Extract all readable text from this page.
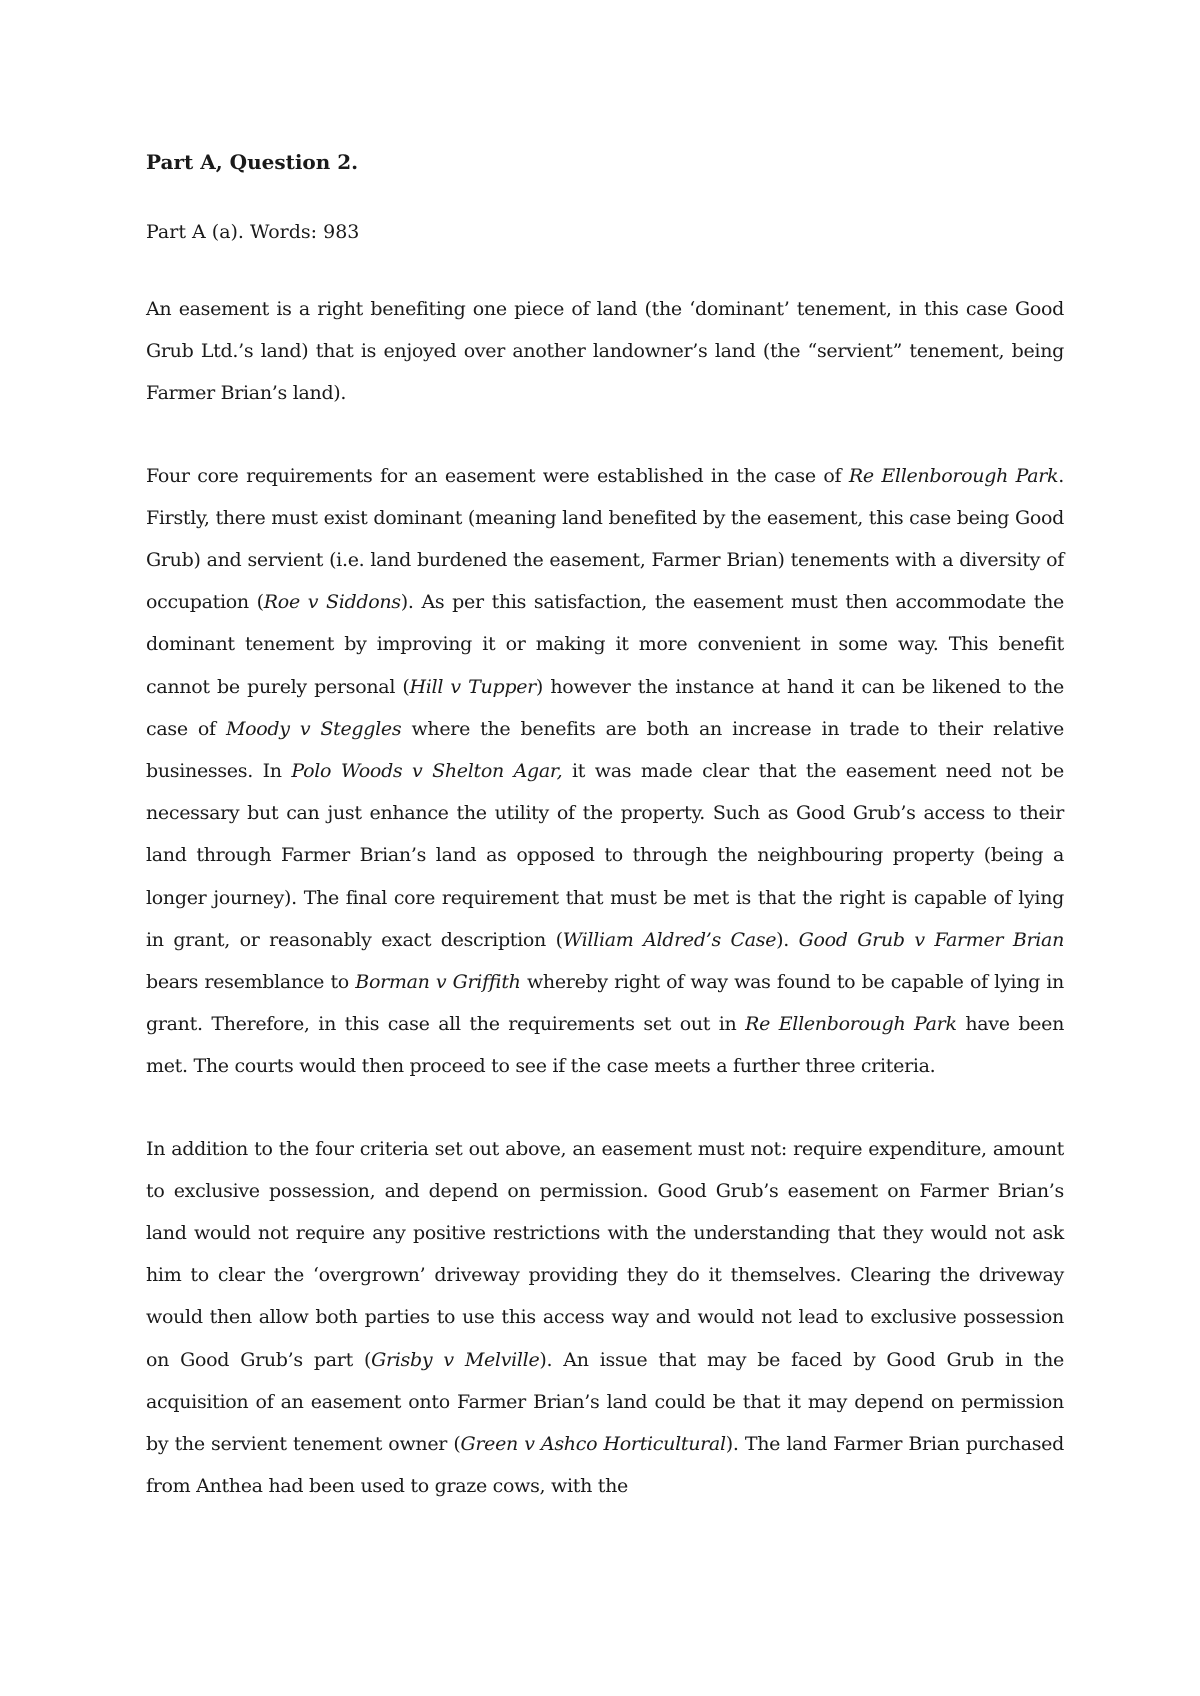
Part A, Question 2.
Part A (a). Words: 983

An easement is a right benefiting one piece of land (the ‘dominant’ tenement, in this case Good Grub Ltd.’s land) that is enjoyed over another landowner’s land (the “servient” tenement, being Farmer Brian’s land).

Four core requirements for an easement were established in the case of Re Ellenborough Park. Firstly, there must exist dominant (meaning land benefited by the easement, this case being Good Grub) and servient (i.e. land burdened the easement, Farmer Brian) tenements with a diversity of occupation (Roe v Siddons). As per this satisfaction, the easement must then accommodate the dominant tenement by improving it or making it more convenient in some way. This benefit cannot be purely personal (Hill v Tupper) however the instance at hand it can be likened to the case of Moody v Steggles where the benefits are both an increase in trade to their relative businesses. In Polo Woods v Shelton Agar, it was made clear that the easement need not be necessary but can just enhance the utility of the property. Such as Good Grub’s access to their land through Farmer Brian’s land as opposed to through the neighbouring property (being a longer journey). The final core requirement that must be met is that the right is capable of lying in grant, or reasonably exact description (William Aldred’s Case). Good Grub v Farmer Brian bears resemblance to Borman v Griffith whereby right of way was found to be capable of lying in grant. Therefore, in this case all the requirements set out in Re Ellenborough Park have been met. The courts would then proceed to see if the case meets a further three criteria.

In addition to the four criteria set out above, an easement must not: require expenditure, amount to exclusive possession, and depend on permission. Good Grub’s easement on Farmer Brian’s land would not require any positive restrictions with the understanding that they would not ask him to clear the ‘overgrown’ driveway providing they do it themselves. Clearing the driveway would then allow both parties to use this access way and would not lead to exclusive possession on Good Grub’s part (Grisby v Melville). An issue that may be faced by Good Grub in the acquisition of an easement onto Farmer Brian’s land could be that it may depend on permission by the servient tenement owner (Green v Ashco Horticultural). The land Farmer Brian purchased from Anthea had been used to graze cows, with the
